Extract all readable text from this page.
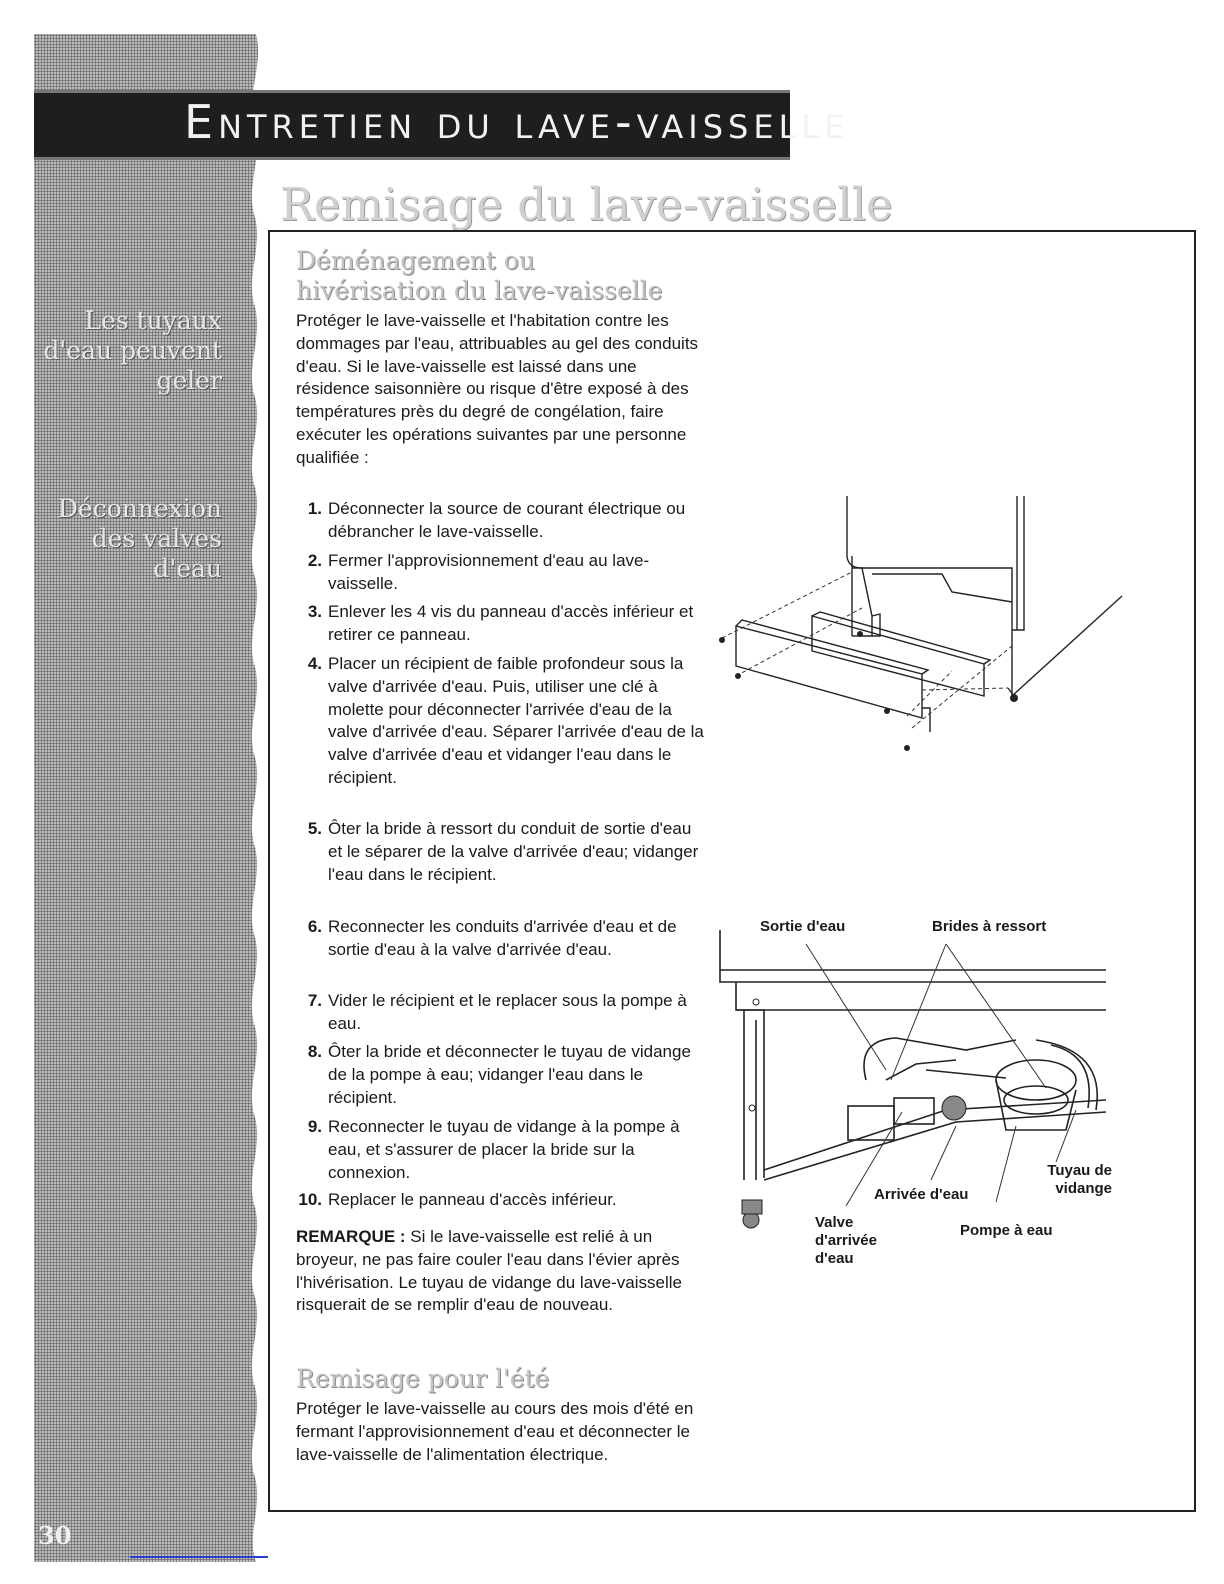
Les tuyaux
d'eau peuvent
geler
Déconnexion
des valves
d'eau
30
Entretien du lave-vaisselle
Remisage du lave-vaisselle
Déménagement ou
hivérisation du lave-vaisselle

Protéger le lave-vaisselle et l'habitation contre les dommages par l'eau, attribuables au gel des conduits d'eau. Si le lave-vaisselle est laissé dans une résidence saisonnière ou risque d'être exposé à des températures près du degré de congélation, faire exécuter les opérations suivantes par une personne qualifiée :

1. Déconnecter la source de courant électrique ou débrancher le lave-vaisselle.
2. Fermer l'approvisionnement d'eau au lave-vaisselle.
3. Enlever les 4 vis du panneau d'accès inférieur et retirer ce panneau.
4. Placer un récipient de faible profondeur sous la valve d'arrivée d'eau. Puis, utiliser une clé à molette pour déconnecter l'arrivée d'eau de la valve d'arrivée d'eau. Séparer l'arrivée d'eau de la valve d'arrivée d'eau et vidanger l'eau dans le récipient.
5. Ôter la bride à ressort du conduit de sortie d'eau et le séparer de la valve d'arrivée d'eau; vidanger l'eau dans le récipient.
6. Reconnecter les conduits d'arrivée d'eau et de sortie d'eau à la valve d'arrivée d'eau.
7. Vider le récipient et le replacer sous la pompe à eau.
8. Ôter la bride et déconnecter le tuyau de vidange de la pompe à eau; vidanger l'eau dans le récipient.
9. Reconnecter le tuyau de vidange à la pompe à eau, et s'assurer de placer la bride sur la connexion.
10. Replacer le panneau d'accès inférieur.

REMARQUE : Si le lave-vaisselle est relié à un broyeur, ne pas faire couler l'eau dans l'évier après l'hivérisation. Le tuyau de vidange du lave-vaisselle risquerait de se remplir d'eau de nouveau.

Remisage pour l'été

Protéger le lave-vaisselle au cours des mois d'été en fermant l'approvisionnement d'eau et déconnecter le lave-vaisselle de l'alimentation électrique.

Sortie d'eau	Brides à ressort
Tuyau de
vidange
Arrivée d'eau
Valve
d'arrivée
d'eau
Pompe à eau
